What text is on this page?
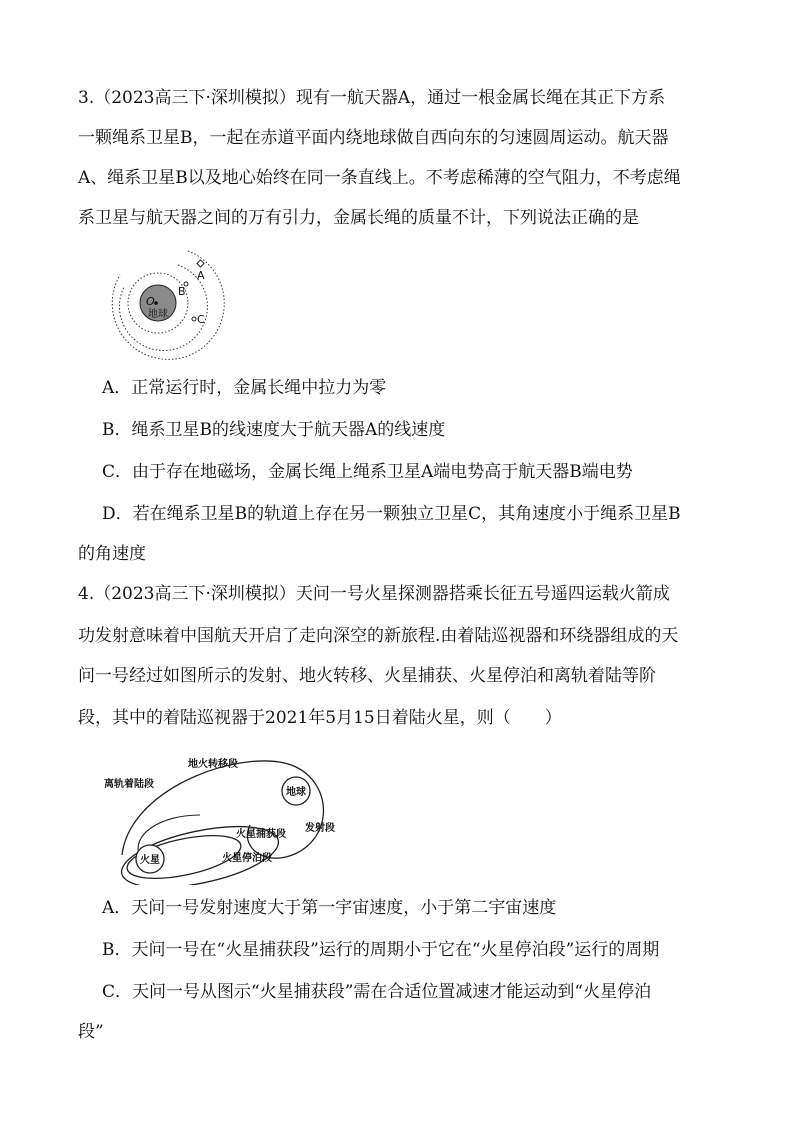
3.（2023高三下·深圳模拟）现有一航天器A，通过一根金属长绳在其正下方系
一颗绳系卫星B，一起在赤道平面内绕地球做自西向东的匀速圆周运动。航天器
A、绳系卫星B以及地心始终在同一条直线上。不考虑稀薄的空气阻力，不考虑绳
系卫星与航天器之间的万有引力，金属长绳的质量不计，下列说法正确的是
O
地球
A
B
C
A．正常运行时，金属长绳中拉力为零
B．绳系卫星B的线速度大于航天器A的线速度
C．由于存在地磁场，金属长绳上绳系卫星A端电势高于航天器B端电势
D．若在绳系卫星B的轨道上存在另一颗独立卫星C，其角速度小于绳系卫星B
的角速度
4.（2023高三下·深圳模拟）天问一号火星探测器搭乘长征五号遥四运载火箭成
功发射意味着中国航天开启了走向深空的新旅程.由着陆巡视器和环绕器组成的天
问一号经过如图所示的发射、地火转移、火星捕获、火星停泊和离轨着陆等阶
段，其中的着陆巡视器于2021年5月15日着陆火星，则（　　）
火星
地球
地火转移段
离轨着陆段
火星捕获段
发射段
火星停泊段
A．天问一号发射速度大于第一宇宙速度，小于第二宇宙速度
B．天问一号在“火星捕获段”运行的周期小于它在“火星停泊段”运行的周期
C．天问一号从图示“火星捕获段”需在合适位置减速才能运动到“火星停泊
段”
